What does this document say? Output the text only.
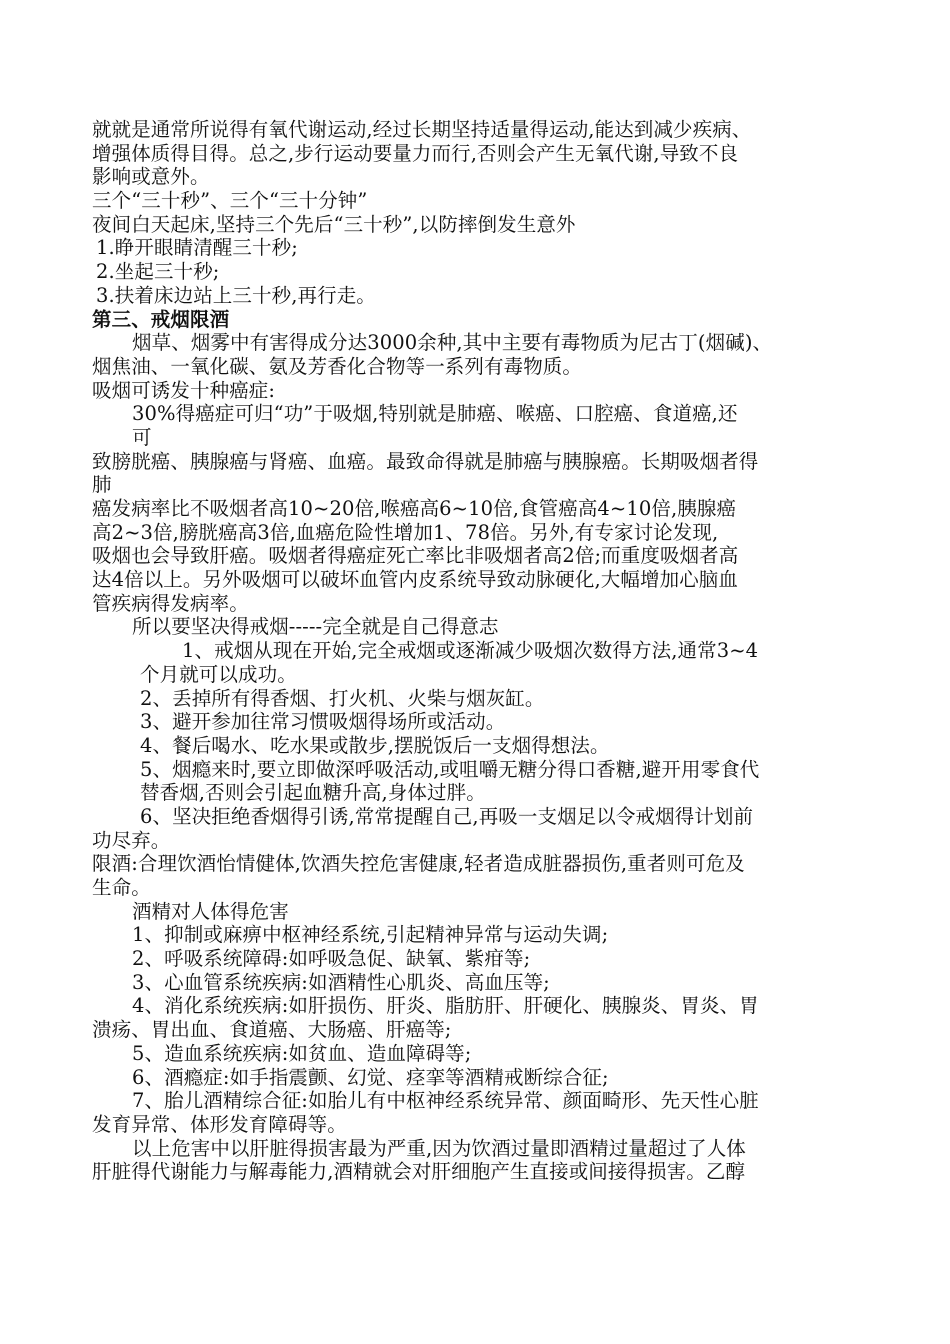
就就是通常所说得有氧代谢运动,经过长期坚持适量得运动,能达到减少疾病、
增强体质得目得。总之,步行运动要量力而行,否则会产生无氧代谢,导致不良
影响或意外。
三个“三十秒”、三个“三十分钟”
夜间白天起床,坚持三个先后“三十秒”,以防摔倒发生意外
1.睁开眼睛清醒三十秒;
2.坐起三十秒;
3.扶着床边站上三十秒,再行走。
第三、戒烟限酒
烟草、烟雾中有害得成分达3000余种,其中主要有毒物质为尼古丁(烟碱)、
烟焦油、一氧化碳、氨及芳香化合物等一系列有毒物质。
吸烟可诱发十种癌症:
30%得癌症可归“功”于吸烟,特别就是肺癌、喉癌、口腔癌、食道癌,还
可
致膀胱癌、胰腺癌与肾癌、血癌。最致命得就是肺癌与胰腺癌。长期吸烟者得
肺
癌发病率比不吸烟者高10~20倍,喉癌高6~10倍,食管癌高4~10倍,胰腺癌
高2~3倍,膀胱癌高3倍,血癌危险性增加1、78倍。另外,有专家讨论发现,
吸烟也会导致肝癌。吸烟者得癌症死亡率比非吸烟者高2倍;而重度吸烟者高
达4倍以上。另外吸烟可以破坏血管内皮系统导致动脉硬化,大幅增加心脑血
管疾病得发病率。
所以要坚决得戒烟-----完全就是自己得意志
1、戒烟从现在开始,完全戒烟或逐渐减少吸烟次数得方法,通常3~4
个月就可以成功。
2、丢掉所有得香烟、打火机、火柴与烟灰缸。
3、避开参加往常习惯吸烟得场所或活动。
4、餐后喝水、吃水果或散步,摆脱饭后一支烟得想法。
5、烟瘾来时,要立即做深呼吸活动,或咀嚼无糖分得口香糖,避开用零食代
替香烟,否则会引起血糖升高,身体过胖。
6、坚决拒绝香烟得引诱,常常提醒自己,再吸一支烟足以令戒烟得计划前
功尽弃。
限酒:合理饮酒怡情健体,饮酒失控危害健康,轻者造成脏器损伤,重者则可危及
生命。
酒精对人体得危害
1、抑制或麻痹中枢神经系统,引起精神异常与运动失调;
2、呼吸系统障碍:如呼吸急促、缺氧、紫疳等;
3、心血管系统疾病:如酒精性心肌炎、高血压等;
4、消化系统疾病:如肝损伤、肝炎、脂肪肝、肝硬化、胰腺炎、胃炎、胃
溃疡、胃出血、食道癌、大肠癌、肝癌等;
5、造血系统疾病:如贫血、造血障碍等;
6、酒瘾症:如手指震颤、幻觉、痉挛等酒精戒断综合征;
7、胎儿酒精综合征:如胎儿有中枢神经系统异常、颜面畸形、先天性心脏
发育异常、体形发育障碍等。
以上危害中以肝脏得损害最为严重,因为饮酒过量即酒精过量超过了人体
肝脏得代谢能力与解毒能力,酒精就会对肝细胞产生直接或间接得损害。乙醇
